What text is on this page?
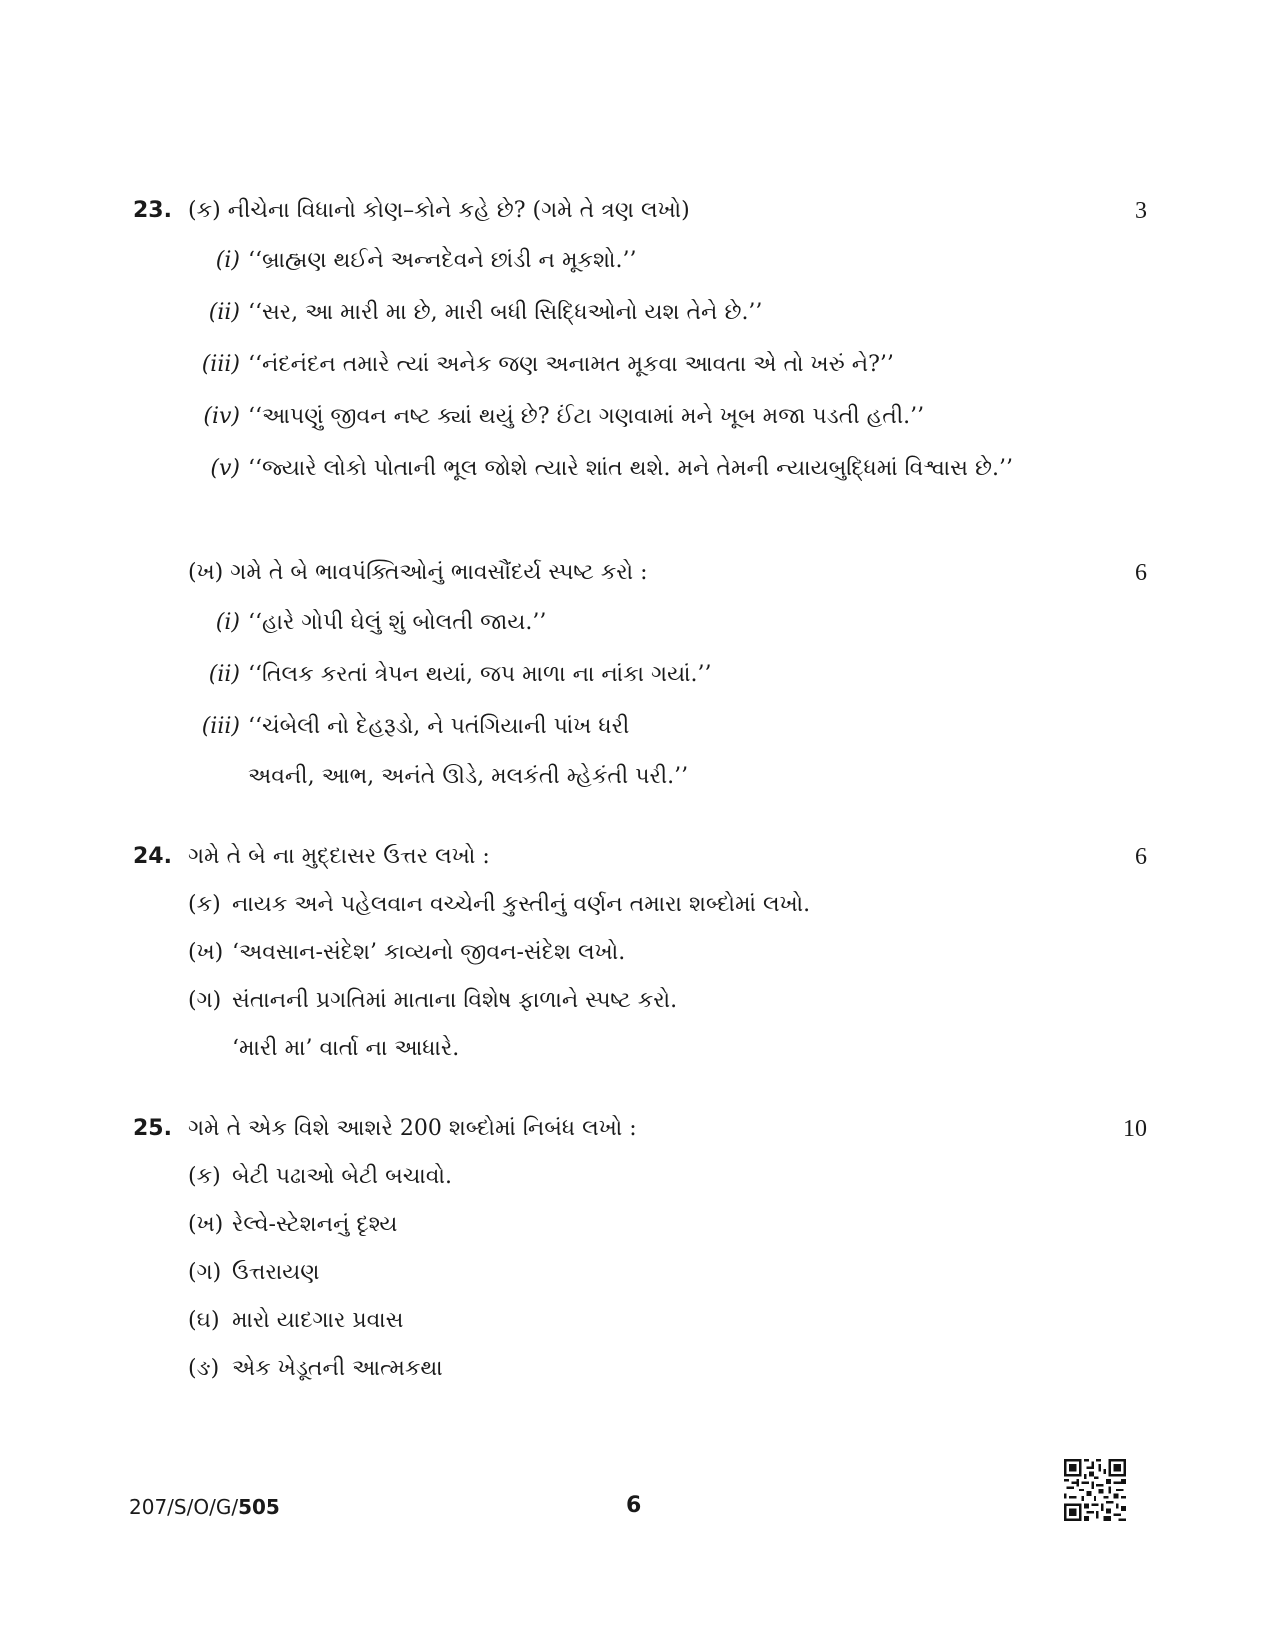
23. (ક) નીચેના વિધાનો કોણ–કોને કહે છે? (ગમે તે ત્રણ લખો)	3
(i) ‘‘બ્રાહ્મણ થઈને અન્નદેવને છાંડી ન મૂકશો.’’
(ii) ‘‘સર, આ મારી મા છે, મારી બધી સિદ્ધિઓનો યશ તેને છે.’’
(iii) ‘‘નંદનંદન તમારે ત્યાં અનેક જણ અનામત મૂકવા આવતા એ તો ખરું ને?’’
(iv) ‘‘આપણું જીવન નષ્ટ ક્યાં થયું છે? ઈંટા ગણવામાં મને ખૂબ મજા પડતી હતી.’’
(v) ‘‘જ્યારે લોકો પોતાની ભૂલ જોશે ત્યારે શાંત થશે. મને તેમની ન્યાયબુદ્ધિમાં વિશ્વાસ છે.’’
(ખ) ગમે તે બે ભાવપંક્તિઓનું ભાવસૌંદર્ય સ્પષ્ટ કરો :	6
(i) ‘‘હારે ગોપી ઘેલું શું બોલતી જાય.’’
(ii) ‘‘તિલક કરતાં ત્રેપન થયાં, જપ માળા ના નાંકા ગયાં.’’
(iii) ‘‘ચંબેલી નો દેહરૂડો, ને પતંગિયાની પાંખ ધરી
અવની, આભ, અનંતે ઊડે, મલકંતી મ્હેકંતી પરી.’’
24. ગમે તે બે ના મુદ્દાસર ઉત્તર લખો :	6
(ક) નાયક અને પહેલવાન વચ્ચેની કુસ્તીનું વર્ણન તમારા શબ્દોમાં લખો.
(ખ) ‘અવસાન-સંદેશ’ કાવ્યનો જીવન-સંદેશ લખો.
(ગ) સંતાનની પ્રગતિમાં માતાના વિશેષ ફાળાને સ્પષ્ટ કરો.
‘મારી મા’ વાર્તા ના આધારે.
25. ગમે તે એક વિશે આશરે 200 શબ્દોમાં નિબંધ લખો :	10
(ક) બેટી પઢાઓ બેટી બચાવો.
(ખ) રેલ્વે-સ્ટેશનનું દૃશ્ય
(ગ) ઉત્તરાયણ
(ઘ) મારો યાદગાર પ્રવાસ
(ઙ) એક ખેડૂતની આત્મકથા
207/S/O/G/505	6
